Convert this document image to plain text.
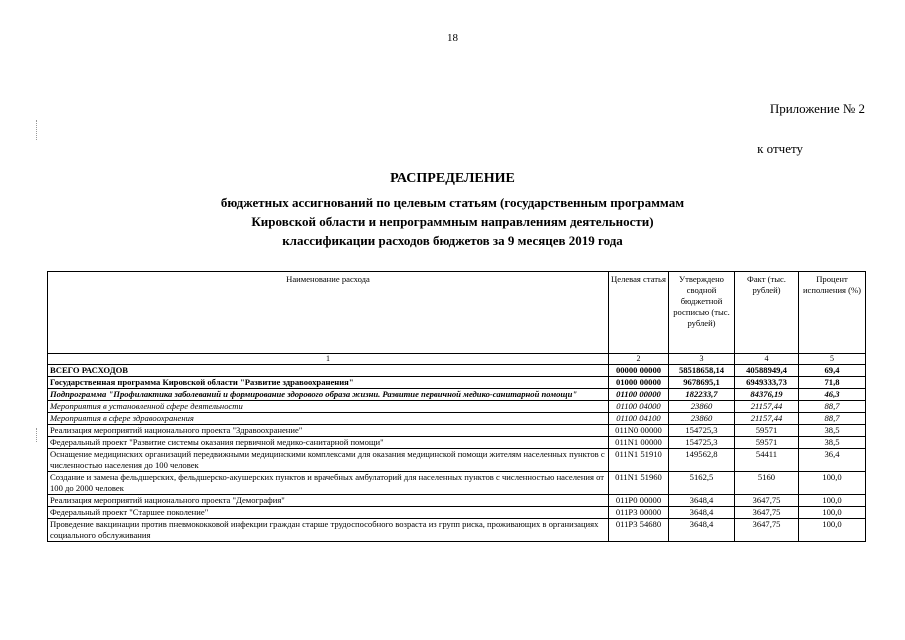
18
Приложение № 2
к отчету
РАСПРЕДЕЛЕНИЕ
бюджетных ассигнований по целевым статьям (государственным программам
Кировской области и непрограммным направлениям деятельности)
классификации расходов бюджетов за 9 месяцев 2019 года
Наименование расхода	Целевая статья	Утверждено сводной бюджетной росписью (тыс. рублей)	Факт (тыс. рублей)	Процент исполнения (%)
1	2	3	4	5
ВСЕГО РАСХОДОВ	00000 00000	58518658,14	40588949,4	69,4
Государственная программа Кировской области "Развитие здравоохранения"	01000 00000	9678695,1	6949333,73	71,8
Подпрограмма "Профилактика заболеваний и формирование здорового образа жизни. Развитие первичной медико-санитарной помощи"	01100 00000	182233,7	84376,19	46,3
Мероприятия в установленной сфере деятельности	01100 04000	23860	21157,44	88,7
Мероприятия в сфере здравоохранения	01100 04100	23860	21157,44	88,7
Реализация мероприятий национального проекта "Здравоохранение"	011N0 00000	154725,3	59571	38,5
Федеральный проект "Развитие системы оказания первичной медико-санитарной помощи"	011N1 00000	154725,3	59571	38,5
Оснащение медицинских организаций передвижными медицинскими комплексами для оказания медицинской помощи жителям населенных пунктов с численностью населения до 100 человек	011N1 51910	149562,8	54411	36,4
Создание и замена фельдшерских, фельдшерско-акушерских пунктов и врачебных амбулаторий для населенных пунктов с численностью населения от 100 до 2000 человек	011N1 51960	5162,5	5160	100,0
Реализация мероприятий национального проекта "Демография"	011P0 00000	3648,4	3647,75	100,0
Федеральный проект "Старшее поколение"	011P3 00000	3648,4	3647,75	100,0
Проведение вакцинации против пневмококковой инфекции граждан старше трудоспособного возраста из групп риска, проживающих в организациях социального обслуживания	011P3 54680	3648,4	3647,75	100,0
